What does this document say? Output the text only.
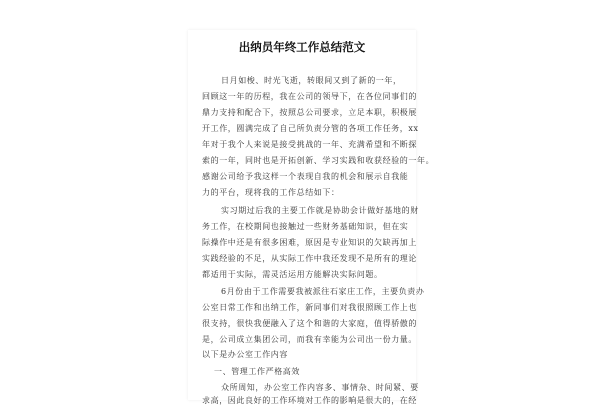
出纳员年终工作总结范文
日月如梭、时光飞逝，转眼间又到了新的一年，
回顾这一年的历程，我在公司的领导下，在各位同事们的
鼎力支持和配合下，按照总公司要求，立足本职，积极展
开工作，圆满完成了自己所负责分管的各项工作任务，xx
年对于我个人来说是接受挑战的一年、充满希望和不断探
索的一年，同时也是开拓创新、学习实践和收获经验的一年。
感谢公司给予我这样一个表现自我的机会和展示自我能
力的平台，现将我的工作总结如下：
实习期过后我的主要工作就是协助会计做好基地的财
务工作，在校期间也接触过一些财务基础知识，但在实
际操作中还是有很多困难，原因是专业知识的欠缺再加上
实践经验的不足，从实际工作中我还发现不是所有的理论
都适用于实际，需灵活运用方能解决实际问题。
6月份由于工作需要我被派往石家庄工作，主要负责办
公室日常工作和出纳工作，新同事们对我很照顾工作上也
很支持，很快我便融入了这个和谐的大家庭，值得骄傲的
是，公司成立集团公司，而我有幸能为公司出一份力量。
以下是办公室工作内容
一、管理工作严格高效
众所周知，办公室工作内容多、事情杂、时间紧、要
求高，因此良好的工作环境对工作的影响是很大的，在经
